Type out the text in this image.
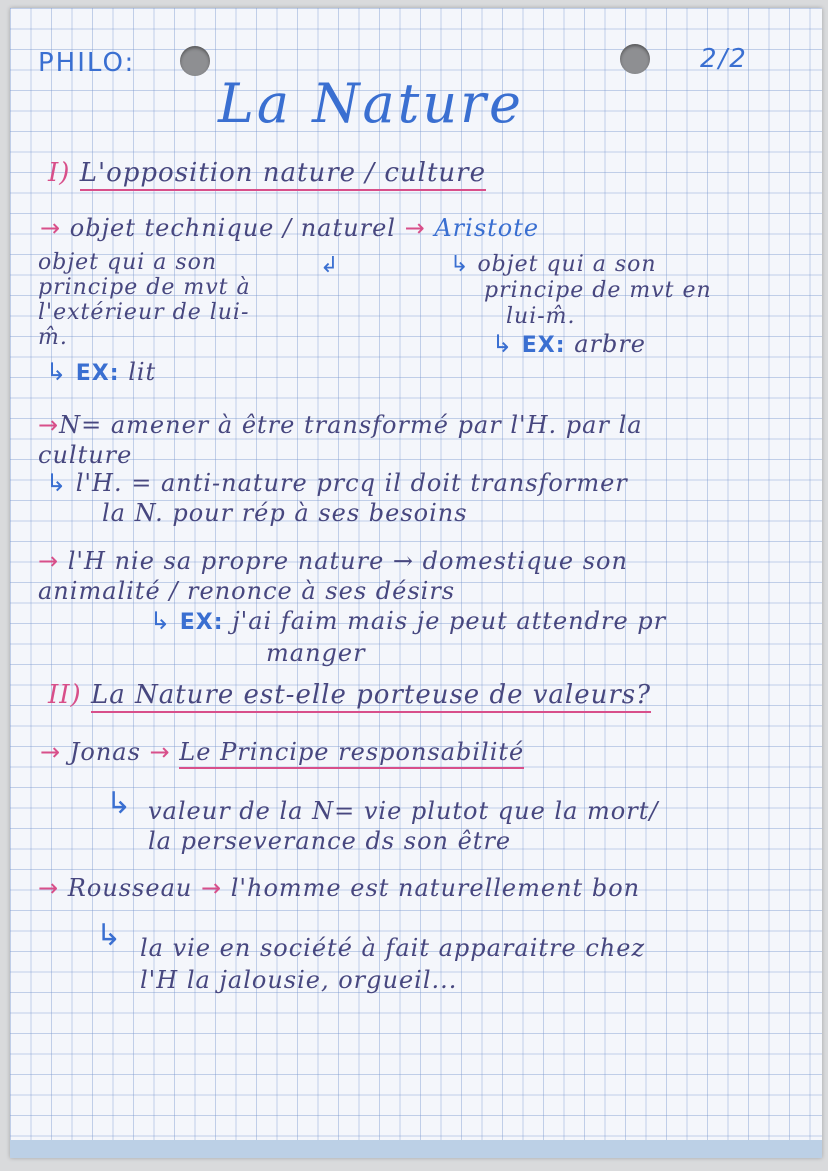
PHILO:	2/2
La Nature
I) L'opposition nature / culture
→ objet technique / naturel → Aristote
objet qui a son
principe de mvt à
l'extérieur de lui-
m̂.
↲
↳ EX: lit
↳ objet qui a son
principe de mvt en
lui-m̂.
↳ EX: arbre
→N= amener à être transformé par l'H. par la
culture
↳ l'H. = anti-nature prcq il doit transformer
la N. pour rép à ses besoins
→ l'H nie sa propre nature → domestique son
animalité / renonce à ses désirs
↳ EX: j'ai faim mais je peut attendre pr
manger
II) La Nature est-elle porteuse de valeurs?
→ Jonas → Le Principe responsabilité
↳ valeur de la N= vie plutot que la mort/
la perseverance ds son être
→ Rousseau → l'homme est naturellement bon
↳ la vie en société à fait apparaitre chez
l'H la jalousie, orgueil...
